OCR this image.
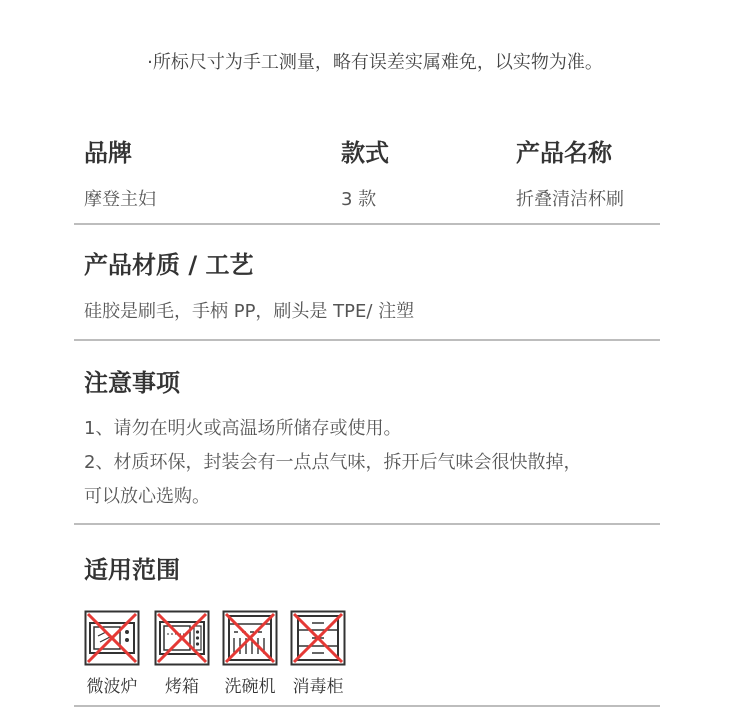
·所标尺寸为手工测量，略有误差实属难免，以实物为准。
品牌
摩登主妇
款式
3 款
产品名称
折叠清洁杯刷
产品材质 / 工艺
硅胶是刷毛，手柄 PP，刷头是 TPE/ 注塑
注意事项
1、请勿在明火或高温场所储存或使用。
2、材质环保，封装会有一点点气味，拆开后气味会很快散掉，
可以放心选购。
适用范围
微波炉	烤箱	洗碗机 消毒柜
